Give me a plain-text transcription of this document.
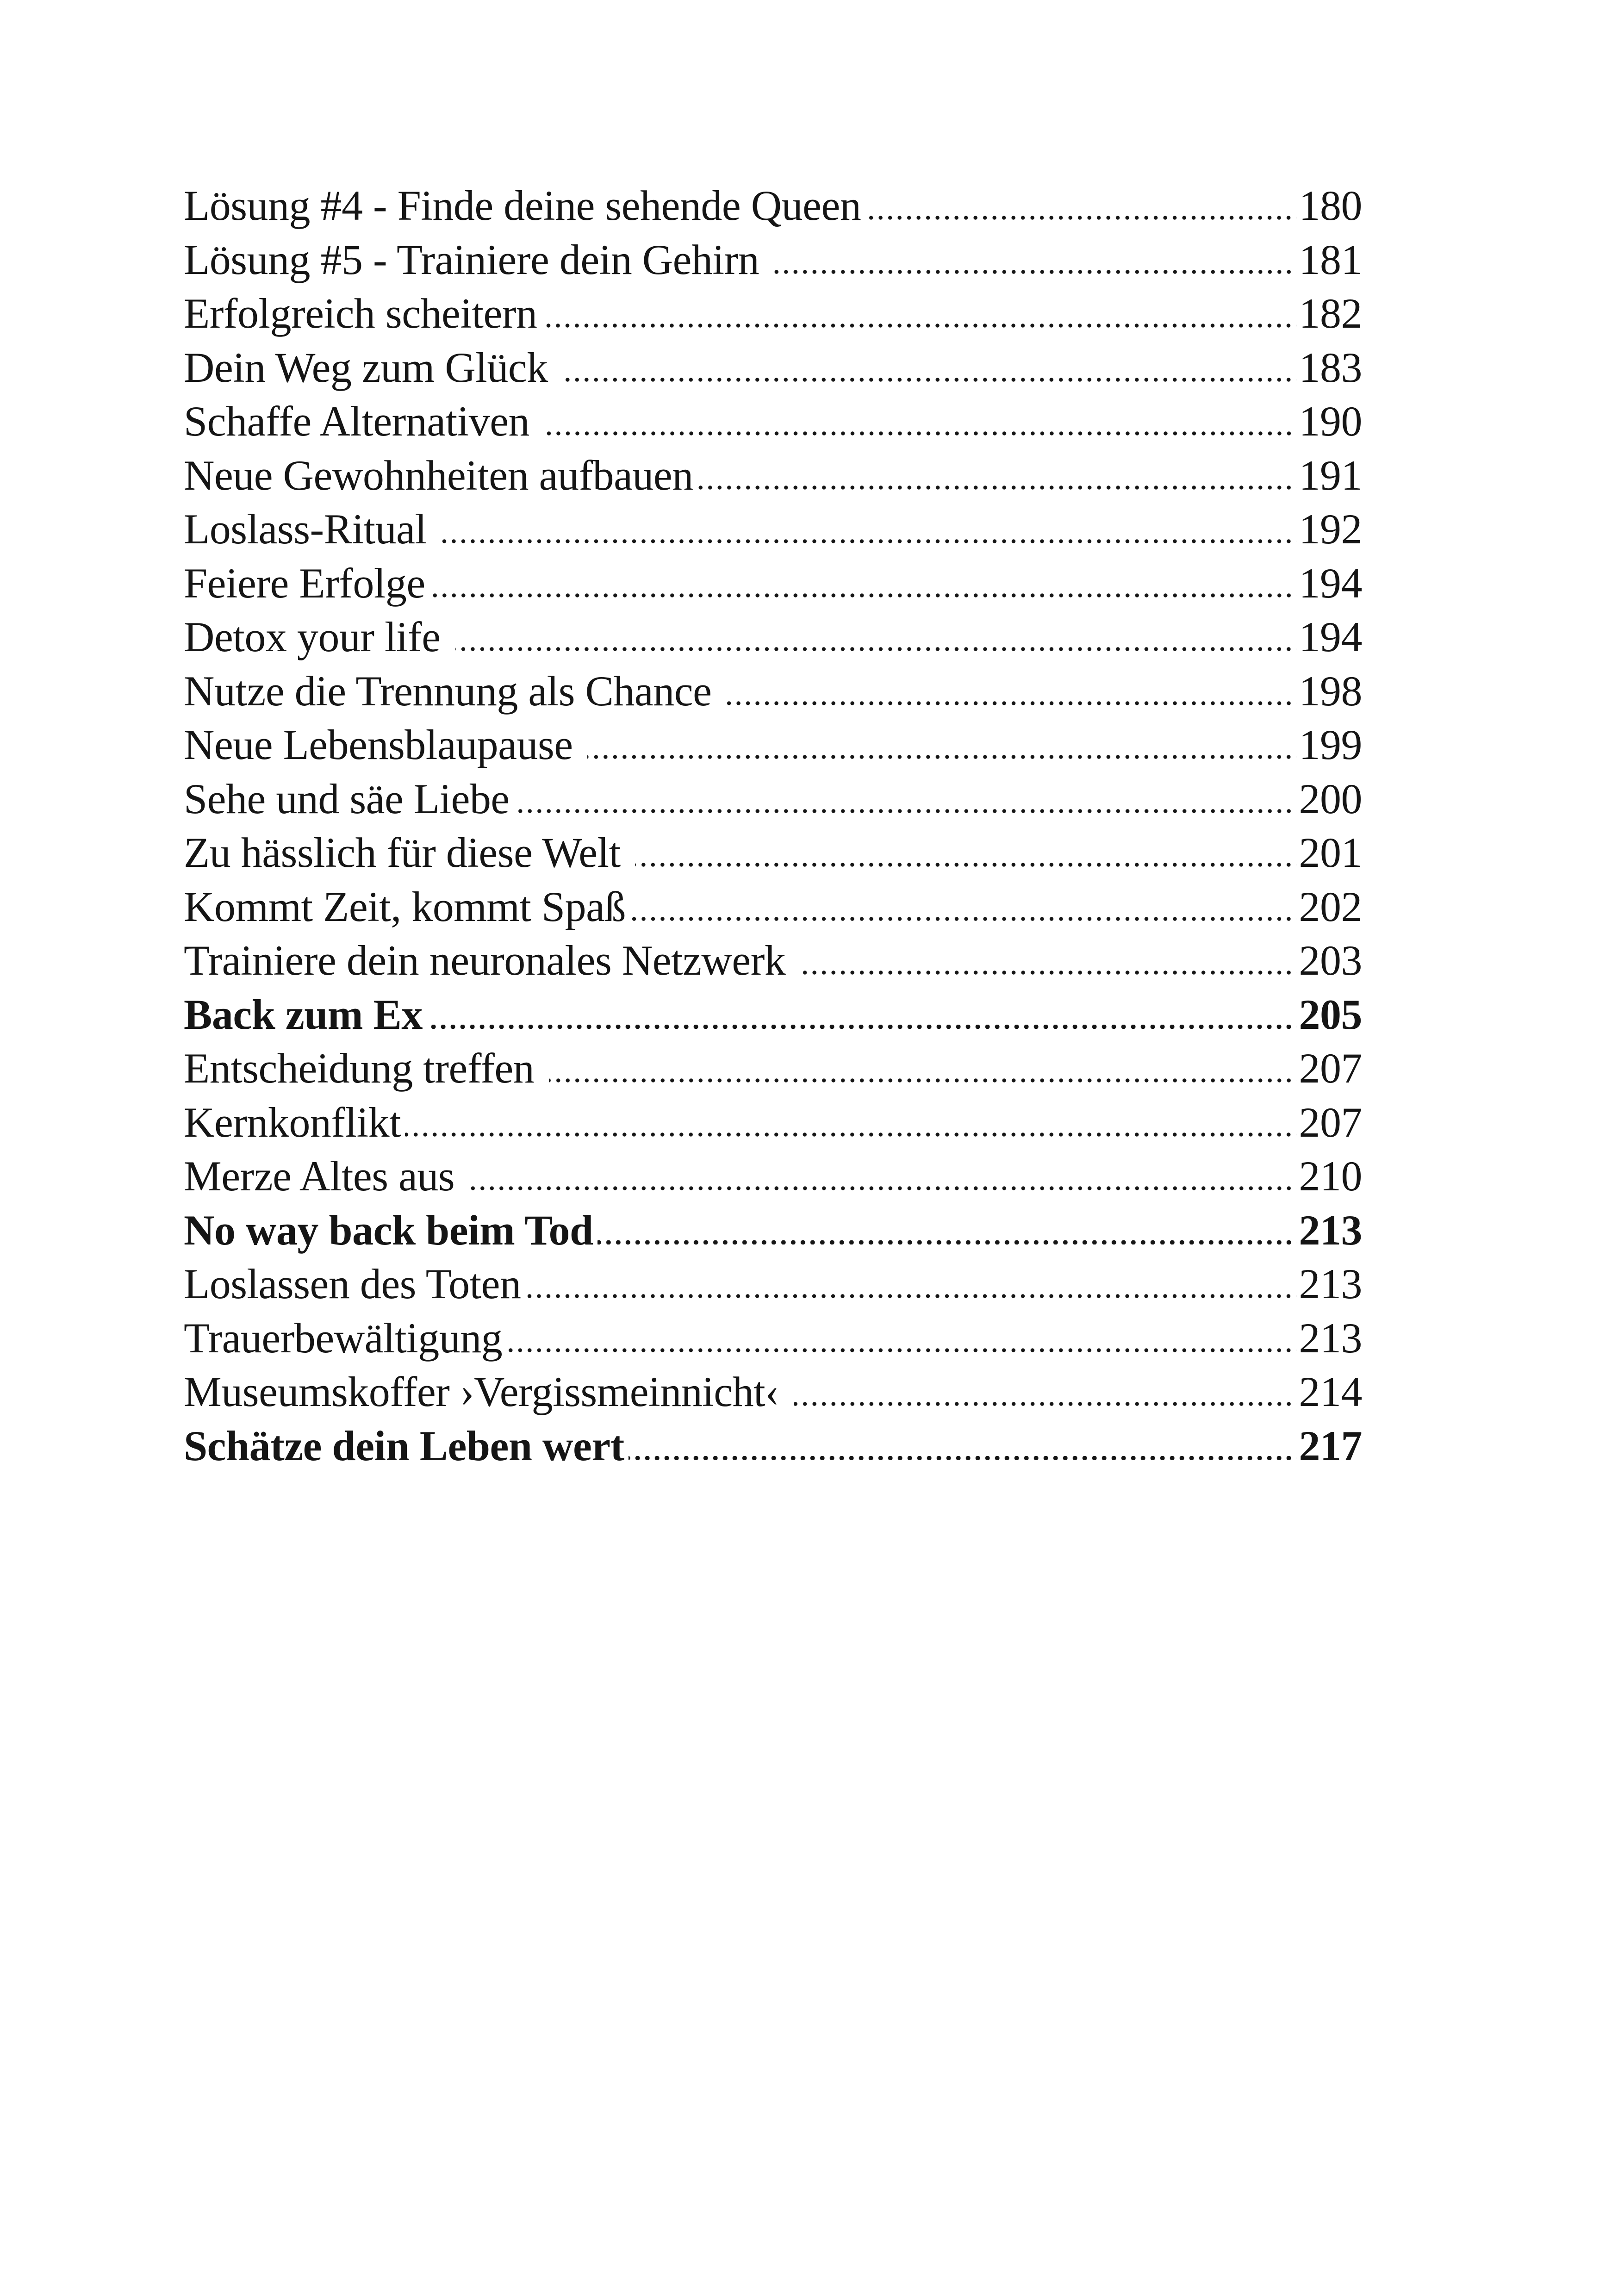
Lösung #4 - Finde deine sehende Queen	180
Lösung #5 - Trainiere dein Gehirn	181
Erfolgreich scheitern	182
Dein Weg zum Glück	183
Schaffe Alternativen	190
Neue Gewohnheiten aufbauen	191
Loslass-Ritual	192
Feiere Erfolge	194
Detox your life	194
Nutze die Trennung als Chance	198
Neue Lebensblaupause	199
Sehe und säe Liebe	200
Zu hässlich für diese Welt	201
Kommt Zeit, kommt Spaß	202
Trainiere dein neuronales Netzwerk	203
Back zum Ex	205
Entscheidung treffen	207
Kernkonflikt	207
Merze Altes aus	210
No way back beim Tod	213
Loslassen des Toten	213
Trauerbewältigung	213
Museumskoffer ›Vergissmeinnicht‹	214
Schätze dein Leben wert	217
